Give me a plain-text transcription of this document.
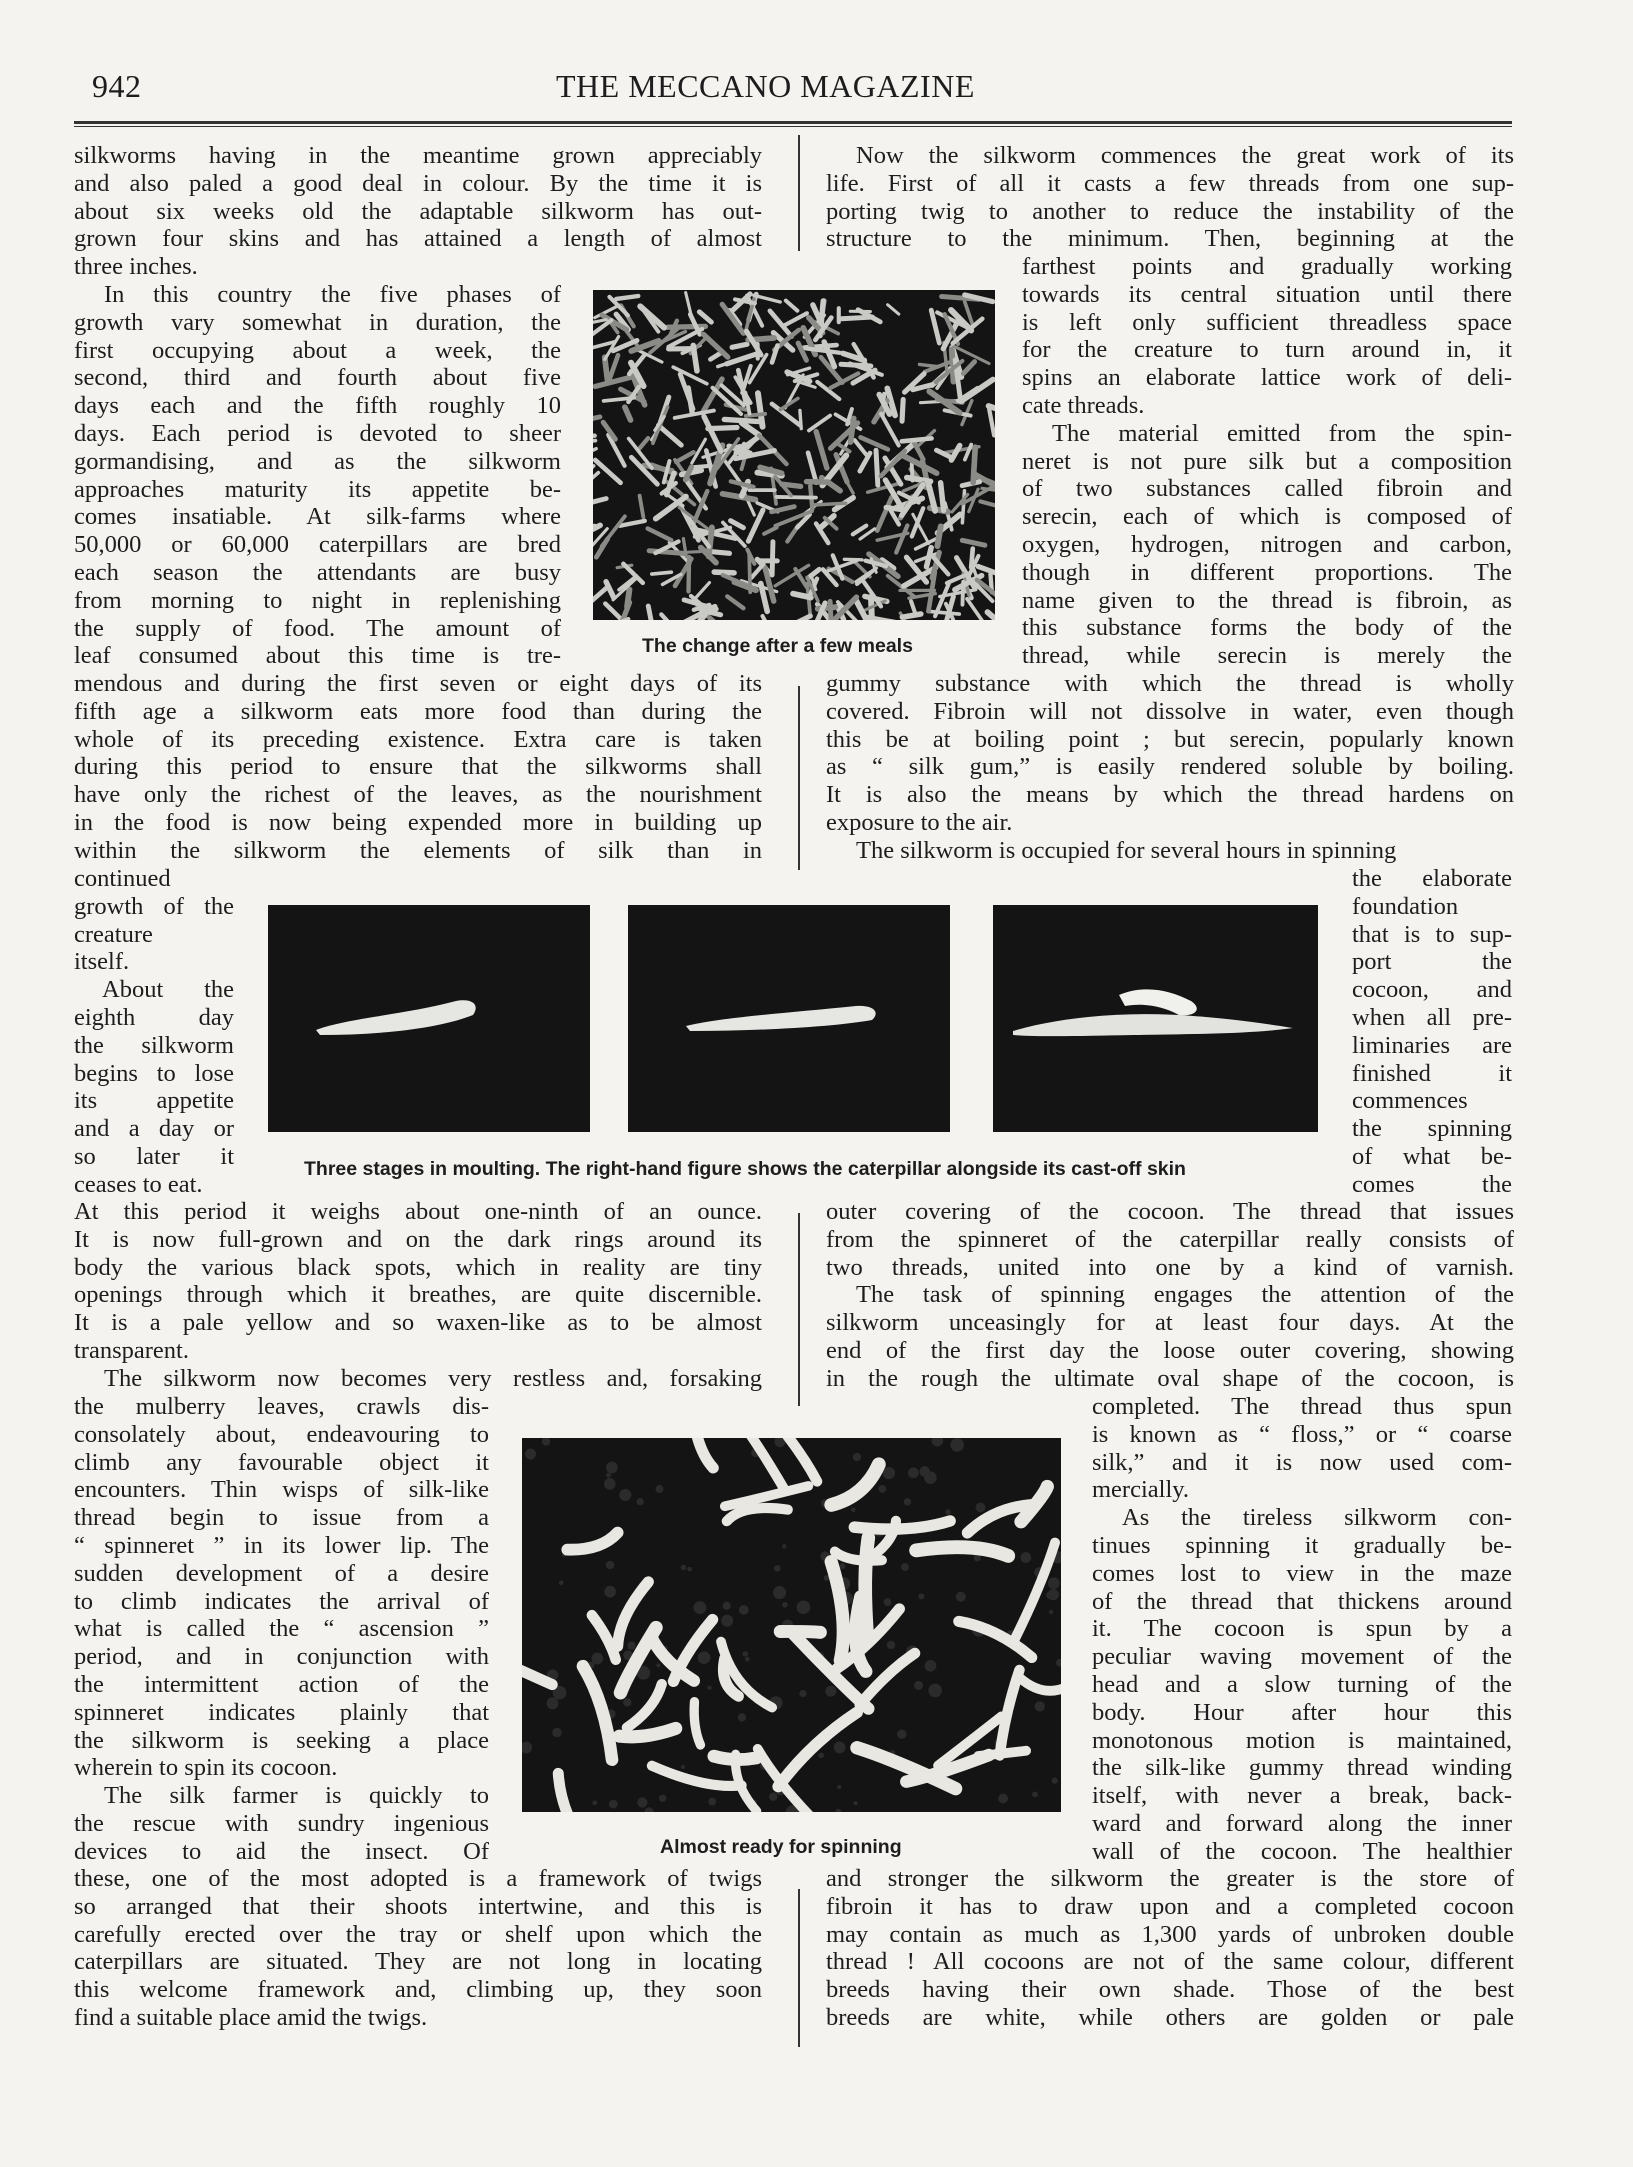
942	THE MECCANO MAGAZINE
The change after a few meals
Three stages in moulting. The right-hand figure shows the caterpillar alongside its cast-off skin
Almost ready for spinning
silkworms having in the meantime grown appreciably
and also paled a good deal in colour. By the time it is
about six weeks old the adaptable silkworm has out-
grown four skins and has attained a length of almost
three inches.
Now the silkworm commences the great work of its
life. First of all it casts a few threads from one sup-
porting twig to another to reduce the instability of the
structure to the minimum. Then, beginning at the
In this country the five phases of
growth vary somewhat in duration, the
first occupying about a week, the
second, third and fourth about five
days each and the fifth roughly 10
days. Each period is devoted to sheer
gormandising, and as the silkworm
approaches maturity its appetite be-
comes insatiable. At silk-farms where
50,000 or 60,000 caterpillars are bred
each season the attendants are busy
from morning to night in replenishing
the supply of food. The amount of
leaf consumed about this time is tre-
farthest points and gradually working
towards its central situation until there
is left only sufficient threadless space
for the creature to turn around in, it
spins an elaborate lattice work of deli-
cate threads.
The material emitted from the spin-
neret is not pure silk but a composition
of two substances called fibroin and
serecin, each of which is composed of
oxygen, hydrogen, nitrogen and carbon,
though in different proportions. The
name given to the thread is fibroin, as
this substance forms the body of the
thread, while serecin is merely the
mendous and during the first seven or eight days of its
fifth age a silkworm eats more food than during the
whole of its preceding existence. Extra care is taken
during this period to ensure that the silkworms shall
have only the richest of the leaves, as the nourishment
in the food is now being expended more in building up
within the silkworm the elements of silk than in
gummy substance with which the thread is wholly
covered. Fibroin will not dissolve in water, even though
this be at boiling point ; but serecin, popularly known
as “ silk gum,” is easily rendered soluble by boiling.
It is also the means by which the thread hardens on
exposure to the air.
The silkworm is occupied for several hours in spinning
continued
growth of the
creature
itself.
About the
eighth day
the silkworm
begins to lose
its appetite
and a day or
so later it
ceases to eat.
the elaborate
foundation
that is to sup-
port the
cocoon, and
when all pre-
liminaries are
finished it
commences
the spinning
of what be-
comes the
At this period it weighs about one-ninth of an ounce.
It is now full-grown and on the dark rings around its
body the various black spots, which in reality are tiny
openings through which it breathes, are quite discernible.
It is a pale yellow and so waxen-like as to be almost
transparent.
The silkworm now becomes very restless and, forsaking
outer covering of the cocoon. The thread that issues
from the spinneret of the caterpillar really consists of
two threads, united into one by a kind of varnish.
The task of spinning engages the attention of the
silkworm unceasingly for at least four days. At the
end of the first day the loose outer covering, showing
in the rough the ultimate oval shape of the cocoon, is
the mulberry leaves, crawls dis-
consolately about, endeavouring to
climb any favourable object it
encounters. Thin wisps of silk-like
thread begin to issue from a
“ spinneret ” in its lower lip. The
sudden development of a desire
to climb indicates the arrival of
what is called the “ ascension ”
period, and in conjunction with
the intermittent action of the
spinneret indicates plainly that
the silkworm is seeking a place
wherein to spin its cocoon.
The silk farmer is quickly to
the rescue with sundry ingenious
devices to aid the insect. Of
completed. The thread thus spun
is known as “ floss,” or “ coarse
silk,” and it is now used com-
mercially.
As the tireless silkworm con-
tinues spinning it gradually be-
comes lost to view in the maze
of the thread that thickens around
it. The cocoon is spun by a
peculiar waving movement of the
head and a slow turning of the
body. Hour after hour this
monotonous motion is maintained,
the silk-like gummy thread winding
itself, with never a break, back-
ward and forward along the inner
wall of the cocoon. The healthier
these, one of the most adopted is a framework of twigs
so arranged that their shoots intertwine, and this is
carefully erected over the tray or shelf upon which the
caterpillars are situated. They are not long in locating
this welcome framework and, climbing up, they soon
find a suitable place amid the twigs.
and stronger the silkworm the greater is the store of
fibroin it has to draw upon and a completed cocoon
may contain as much as 1,300 yards of unbroken double
thread ! All cocoons are not of the same colour, different
breeds having their own shade. Those of the best
breeds are white, while others are golden or pale
